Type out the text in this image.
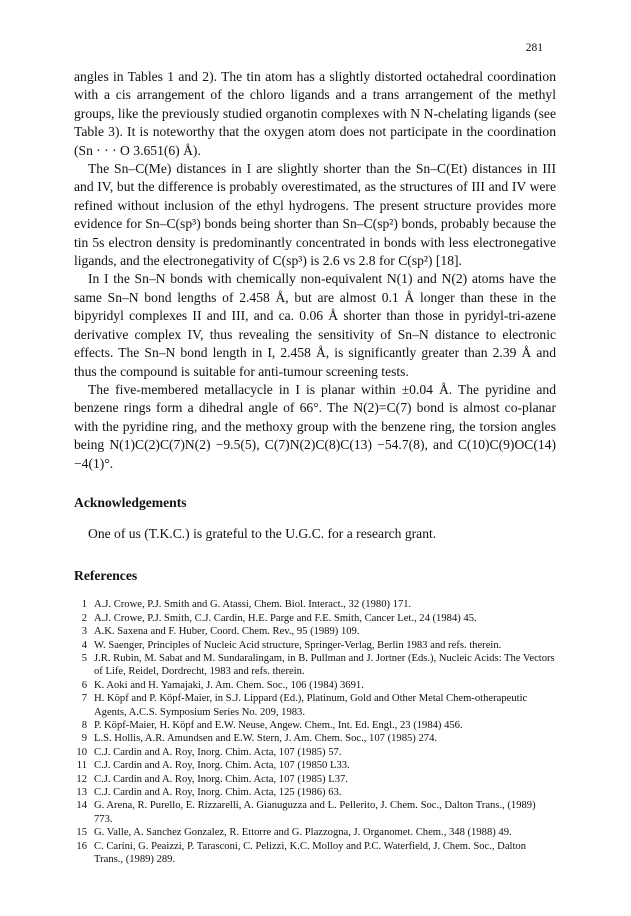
281

angles in Tables 1 and 2). The tin atom has a slightly distorted octahedral coordination with a cis arrangement of the chloro ligands and a trans arrangement of the methyl groups, like the previously studied organotin complexes with N N-chelating ligands (see Table 3). It is noteworthy that the oxygen atom does not participate in the coordination (Sn · · · O 3.651(6) Å).

The Sn–C(Me) distances in I are slightly shorter than the Sn–C(Et) distances in III and IV, but the difference is probably overestimated, as the structures of III and IV were refined without inclusion of the ethyl hydrogens. The present structure provides more evidence for Sn–C(sp³) bonds being shorter than Sn–C(sp²) bonds, probably because the tin 5s electron density is predominantly concentrated in bonds with less electronegative ligands, and the electronegativity of C(sp³) is 2.6 vs 2.8 for C(sp²) [18].

In I the Sn–N bonds with chemically non-equivalent N(1) and N(2) atoms have the same Sn–N bond lengths of 2.458 Å, but are almost 0.1 Å longer than these in the bipyridyl complexes II and III, and ca. 0.06 Å shorter than those in pyridyl-tri-azene derivative complex IV, thus revealing the sensitivity of Sn–N distance to electronic effects. The Sn–N bond length in I, 2.458 Å, is significantly greater than 2.39 Å and thus the compound is suitable for anti-tumour screening tests.

The five-membered metallacycle in I is planar within ±0.04 Å. The pyridine and benzene rings form a dihedral angle of 66°. The N(2)=C(7) bond is almost co-planar with the pyridine ring, and the methoxy group with the benzene ring, the torsion angles being N(1)C(2)C(7)N(2) −9.5(5), C(7)N(2)C(8)C(13) −54.7(8), and C(10)C(9)OC(14) −4(1)°.

Acknowledgements

One of us (T.K.C.) is grateful to the U.G.C. for a research grant.

References
1 A.J. Crowe, P.J. Smith and G. Atassi, Chem. Biol. Interact., 32 (1980) 171.
2 A.J. Crowe, P.J. Smith, C.J. Cardin, H.E. Parge and F.E. Smith, Cancer Let., 24 (1984) 45.
3 A.K. Saxena and F. Huber, Coord. Chem. Rev., 95 (1989) 109.
4 W. Saenger, Principles of Nucleic Acid structure, Springer-Verlag, Berlin 1983 and refs. therein.
5 J.R. Rubin, M. Sabat and M. Sundaralingam, in B. Pullman and J. Jortner (Eds.), Nucleic Acids: The Vectors of Life, Reidel, Dordrecht, 1983 and refs. therein.
6 K. Aoki and H. Yamajaki, J. Am. Chem. Soc., 106 (1984) 3691.
7 H. Köpf and P. Köpf-Maier, in S.J. Lippard (Ed.), Platinum, Gold and Other Metal Chem-otherapeutic Agents, A.C.S. Symposium Series No. 209, 1983.
8 P. Köpf-Maier, H. Köpf and E.W. Neuse, Angew. Chem., Int. Ed. Engl., 23 (1984) 456.
9 L.S. Hollis, A.R. Amundsen and E.W. Stern, J. Am. Chem. Soc., 107 (1985) 274.
10 C.J. Cardin and A. Roy, Inorg. Chim. Acta, 107 (1985) 57.
11 C.J. Cardin and A. Roy, Inorg. Chim. Acta, 107 (19850 L33.
12 C.J. Cardin and A. Roy, Inorg. Chim. Acta, 107 (1985) L37.
13 C.J. Cardin and A. Roy, Inorg. Chim. Acta, 125 (1986) 63.
14 G. Arena, R. Purello, E. Rizzarelli, A. Gianuguzza and L. Pellerito, J. Chem. Soc., Dalton Trans., (1989) 773.
15 G. Valle, A. Sanchez Gonzalez, R. Ettorre and G. Plazzogna, J. Organomet. Chem., 348 (1988) 49.
16 C. Carini, G. Peaizzi, P. Tarasconi, C. Pelizzi, K.C. Molloy and P.C. Waterfield, J. Chem. Soc., Dalton Trans., (1989) 289.
